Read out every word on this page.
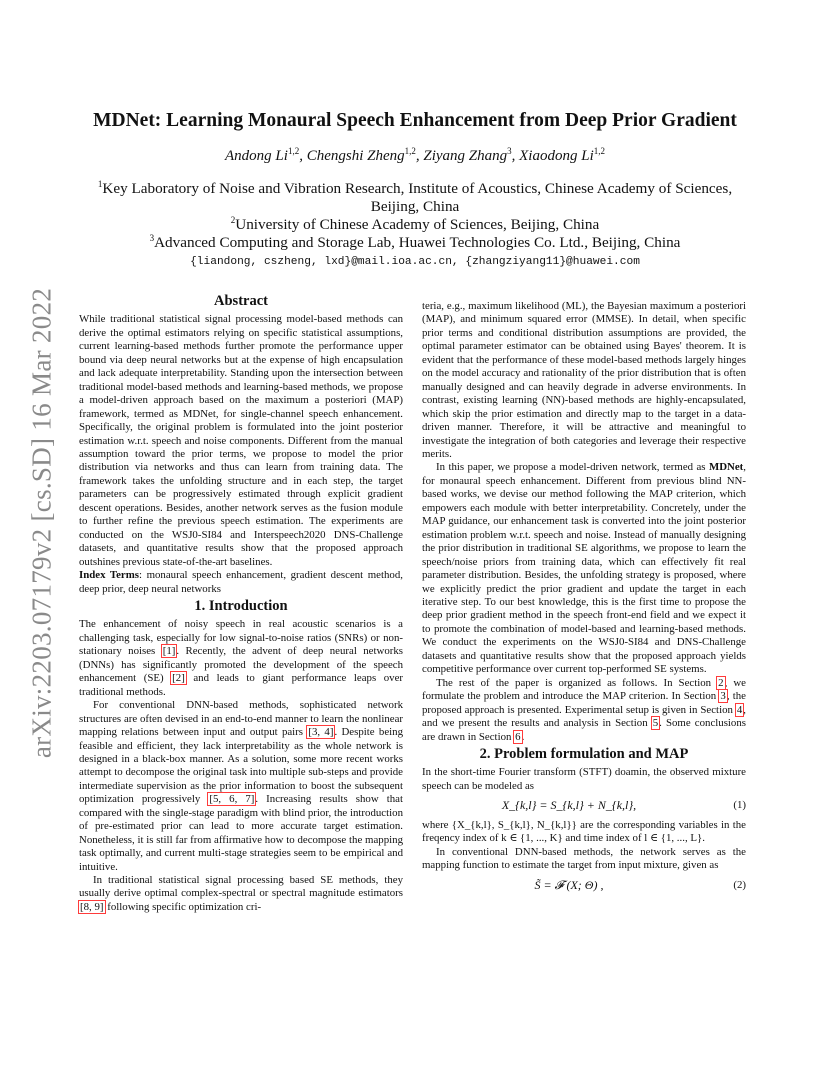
arXiv:2203.07179v2 [cs.SD] 16 Mar 2022
MDNet: Learning Monaural Speech Enhancement from Deep Prior Gradient
Andong Li$^{1,2}$, Chengshi Zheng$^{1,2}$, Ziyang Zhang$^3$, Xiaodong Li$^{1,2}$
$^1$Key Laboratory of Noise and Vibration Research, Institute of Acoustics, Chinese Academy of Sciences, Beijing, China
$^2$University of Chinese Academy of Sciences, Beijing, China
$^3$Advanced Computing and Storage Lab, Huawei Technologies Co. Ltd., Beijing, China
{liandong, cszheng, lxd}@mail.ioa.ac.cn, {zhangziyang11}@huawei.com
Abstract

While traditional statistical signal processing model-based methods can derive the optimal estimators relying on specific statistical assumptions, current learning-based methods further promote the performance upper bound via deep neural networks but at the expense of high encapsulation and lack adequate interpretability. Standing upon the intersection between traditional model-based methods and learning-based methods, we propose a model-driven approach based on the maximum a posteriori (MAP) framework, termed as MDNet, for single-channel speech enhancement. Specifically, the original problem is formulated into the joint posterior estimation w.r.t. speech and noise components. Different from the manual assumption toward the prior terms, we propose to model the prior distribution via networks and thus can learn from training data. The framework takes the unfolding structure and in each step, the target parameters can be progressively estimated through explicit gradient descent operations. Besides, another network serves as the fusion module to further refine the previous speech estimation. The experiments are conducted on the WSJ0-SI84 and Interspeech2020 DNS-Challenge datasets, and quantitative results show that the proposed approach outshines previous state-of-the-art baselines.

Index Terms: monaural speech enhancement, gradient descent method, deep prior, deep neural networks

1. Introduction

The enhancement of noisy speech in real acoustic scenarios is a challenging task, especially for low signal-to-noise ratios (SNRs) or non-stationary noises [1]. Recently, the advent of deep neural networks (DNNs) has significantly promoted the development of the speech enhancement (SE) [2] and leads to giant performance leaps over traditional methods.

For conventional DNN-based methods, sophisticated network structures are often devised in an end-to-end manner to learn the nonlinear mapping relations between input and output pairs [3, 4]. Despite being feasible and efficient, they lack interpretability as the whole network is designed in a black-box manner. As a solution, some more recent works attempt to decompose the original task into multiple sub-steps and provide intermediate supervision as the prior information to boost the subsequent optimization progressively [5, 6, 7]. Increasing results show that compared with the single-stage paradigm with blind prior, the introduction of pre-estimated prior can lead to more accurate target estimation. Nonetheless, it is still far from affirmative how to decompose the mapping task optimally, and current multi-stage strategies seem to be empirical and intuitive.

In traditional statistical signal processing based SE methods, they usually derive optimal complex-spectral or spectral magnitude estimators [8, 9] following specific optimization cri-

teria, e.g., maximum likelihood (ML), the Bayesian maximum a posteriori (MAP), and minimum squared error (MMSE). In detail, when specific prior terms and conditional distribution assumptions are provided, the optimal parameter estimator can be obtained using Bayes' theorem. It is evident that the performance of these model-based methods largely hinges on the model accuracy and rationality of the prior distribution that is often manually designed and can heavily degrade in adverse environments. In contrast, existing learning (NN)-based methods are highly-encapsulated, which skip the prior estimation and directly map to the target in a data-driven manner. Therefore, it will be attractive and meaningful to investigate the integration of both categories and leverage their respective merits.

In this paper, we propose a model-driven network, termed as MDNet, for monaural speech enhancement. Different from previous blind NN-based works, we devise our method following the MAP criterion, which empowers each module with better interpretability. Concretely, under the MAP guidance, our enhancement task is converted into the joint posterior estimation problem w.r.t. speech and noise. Instead of manually designing the prior distribution in traditional SE algorithms, we propose to learn the speech/noise priors from training data, which can effectively fit real parameter distribution. Besides, the unfolding strategy is proposed, where we explicitly predict the prior gradient and update the target in each iterative step. To our best knowledge, this is the first time to propose the deep prior gradient method in the speech front-end field and we expect it to promote the combination of model-based and learning-based methods. We conduct the experiments on the WSJ0-SI84 and DNS-Challenge datasets and quantitative results show that the proposed approach yields competitive performance over current top-performed SE systems.

The rest of the paper is organized as follows. In Section 2, we formulate the problem and introduce the MAP criterion. In Section 3, the proposed approach is presented. Experimental setup is given in Section 4, and we present the results and analysis in Section 5. Some conclusions are drawn in Section 6.

2. Problem formulation and MAP

In the short-time Fourier transform (STFT) doamin, the observed mixture speech can be modeled as

X_{k,l} = S_{k,l} + N_{k,l},	(1)

where {X_{k,l}, S_{k,l}, N_{k,l}} are the corresponding variables in the freqency index of k ∈ {1, ..., K} and time index of l ∈ {1, ..., L}.

In conventional DNN-based methods, the network serves as the mapping function to estimate the target from input mixture, given as

S̃ = 𝓕 (X; Θ) ,	(2)
